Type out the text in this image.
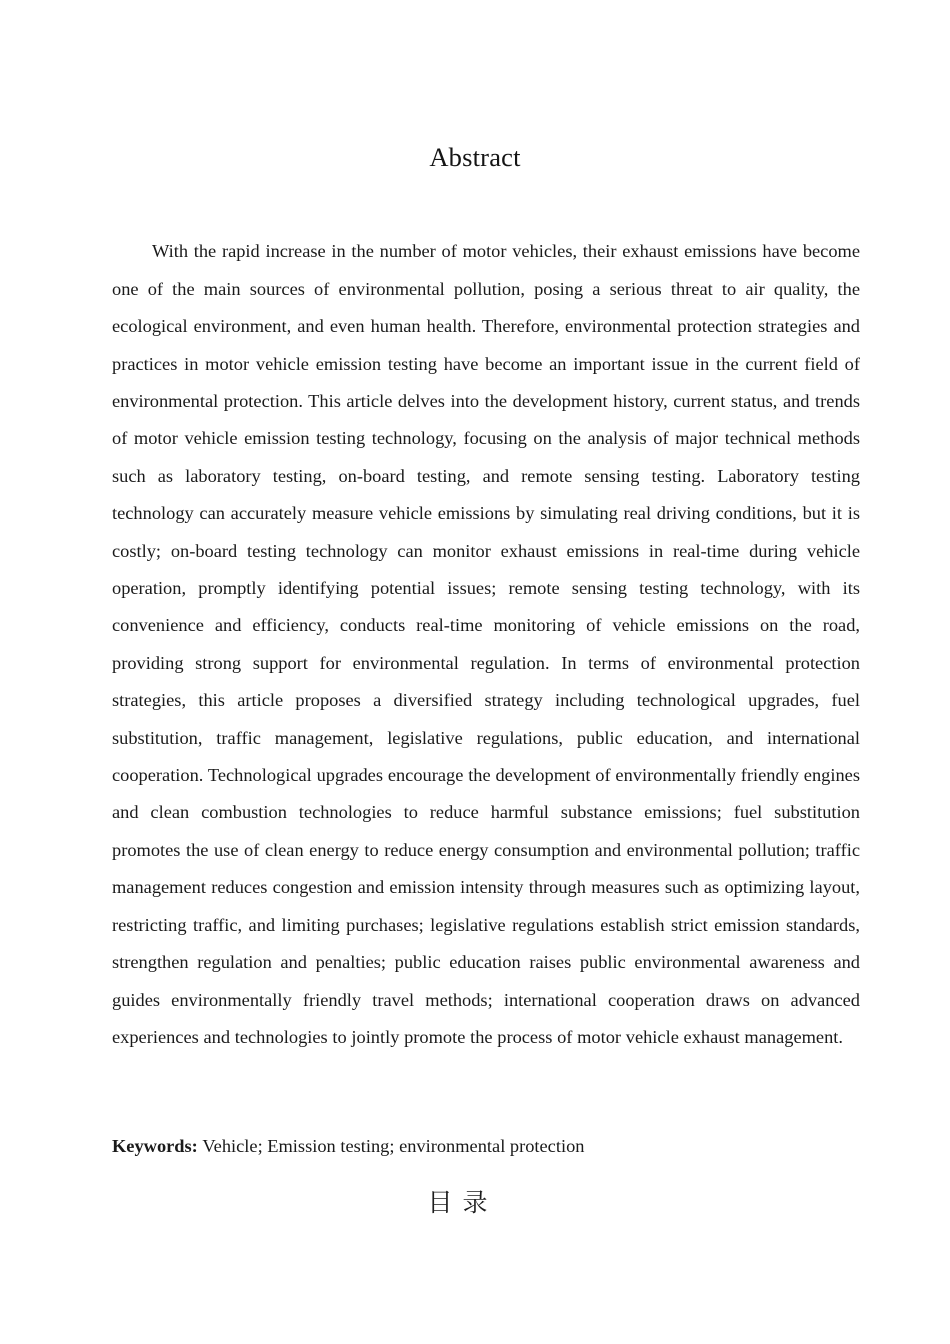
Abstract

With the rapid increase in the number of motor vehicles, their exhaust emissions have become one of the main sources of environmental pollution, posing a serious threat to air quality, the ecological environment, and even human health. Therefore, environmental protection strategies and practices in motor vehicle emission testing have become an important issue in the current field of environmental protection. This article delves into the development history, current status, and trends of motor vehicle emission testing technology, focusing on the analysis of major technical methods such as laboratory testing, on-board testing, and remote sensing testing. Laboratory testing technology can accurately measure vehicle emissions by simulating real driving conditions, but it is costly; on-board testing technology can monitor exhaust emissions in real-time during vehicle operation, promptly identifying potential issues; remote sensing testing technology, with its convenience and efficiency, conducts real-time monitoring of vehicle emissions on the road, providing strong support for environmental regulation. In terms of environmental protection strategies, this article proposes a diversified strategy including technological upgrades, fuel substitution, traffic management, legislative regulations, public education, and international cooperation. Technological upgrades encourage the development of environmentally friendly engines and clean combustion technologies to reduce harmful substance emissions; fuel substitution promotes the use of clean energy to reduce energy consumption and environmental pollution; traffic management reduces congestion and emission intensity through measures such as optimizing layout, restricting traffic, and limiting purchases; legislative regulations establish strict emission standards, strengthen regulation and penalties; public education raises public environmental awareness and guides environmentally friendly travel methods; international cooperation draws on advanced experiences and technologies to jointly promote the process of motor vehicle exhaust management.

Keywords: Vehicle; Emission testing; environmental protection

目 录
